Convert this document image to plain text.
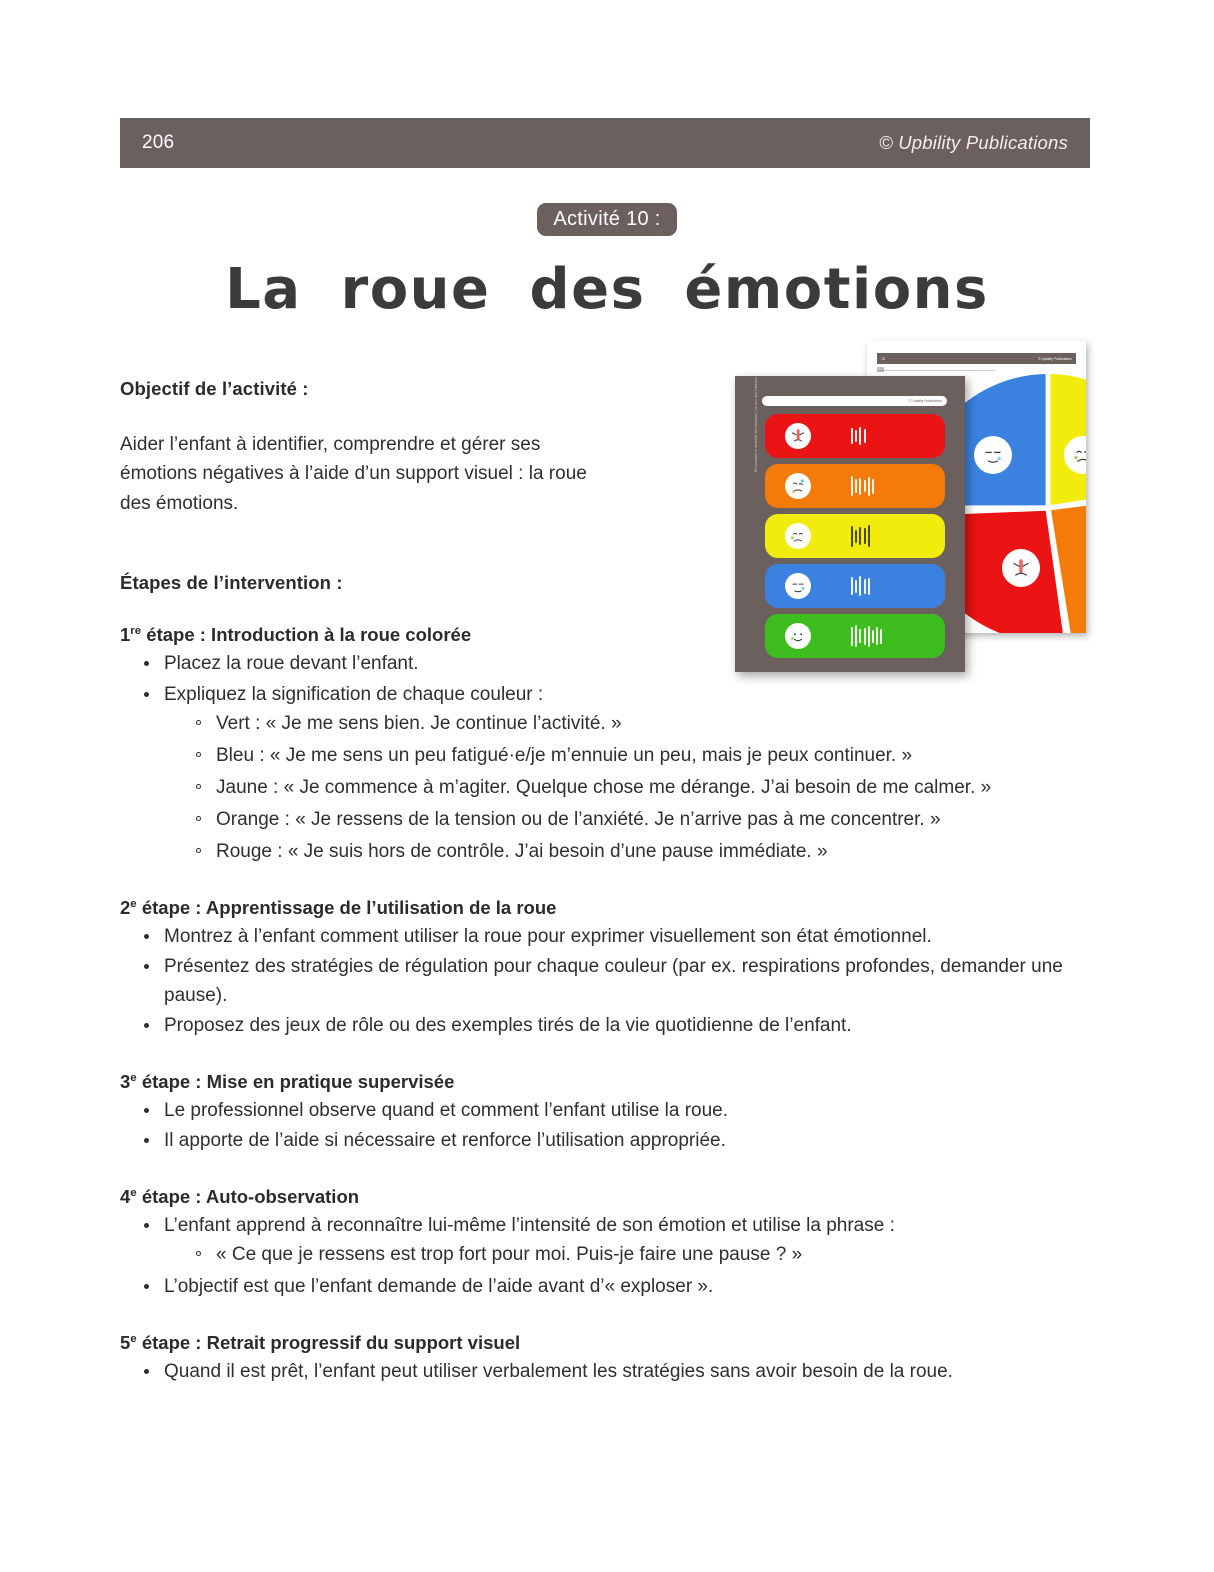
206	© Upbility Publications
Activité 10 :
La roue des émotions
76	© Upbility Publications
© Upbility Publications
Reconnaître et identifier les émotions | La roue des émotions

Objectif de l’activité :

Aider l’enfant à identifier, comprendre et gérer ses émotions négatives à l’aide d’un support visuel : la roue des émotions.

Étapes de l’intervention :

1re étape : Introduction à la roue colorée
Placez la roue devant l’enfant.
Expliquez la signification de chaque couleur :
Vert : « Je me sens bien. Je continue l’activité. »
Bleu : « Je me sens un peu fatigué·e/je m’ennuie un peu, mais je peux continuer. »
Jaune : « Je commence à m’agiter. Quelque chose me dérange. J’ai besoin de me calmer. »
Orange : « Je ressens de la tension ou de l’anxiété. Je n’arrive pas à me concentrer. »
Rouge : « Je suis hors de contrôle. J’ai besoin d’une pause immédiate. »
2e étape : Apprentissage de l’utilisation de la roue
Montrez à l’enfant comment utiliser la roue pour exprimer visuellement son état émotionnel.
Présentez des stratégies de régulation pour chaque couleur (par ex. respirations profondes, demander une pause).
Proposez des jeux de rôle ou des exemples tirés de la vie quotidienne de l’enfant.
3e étape : Mise en pratique supervisée
Le professionnel observe quand et comment l’enfant utilise la roue.
Il apporte de l’aide si nécessaire et renforce l’utilisation appropriée.
4e étape : Auto-observation
L’enfant apprend à reconnaître lui-même l’intensité de son émotion et utilise la phrase :
« Ce que je ressens est trop fort pour moi. Puis-je faire une pause ? »
L’objectif est que l’enfant demande de l’aide avant d’« exploser ».
5e étape : Retrait progressif du support visuel
Quand il est prêt, l’enfant peut utiliser verbalement les stratégies sans avoir besoin de la roue.
